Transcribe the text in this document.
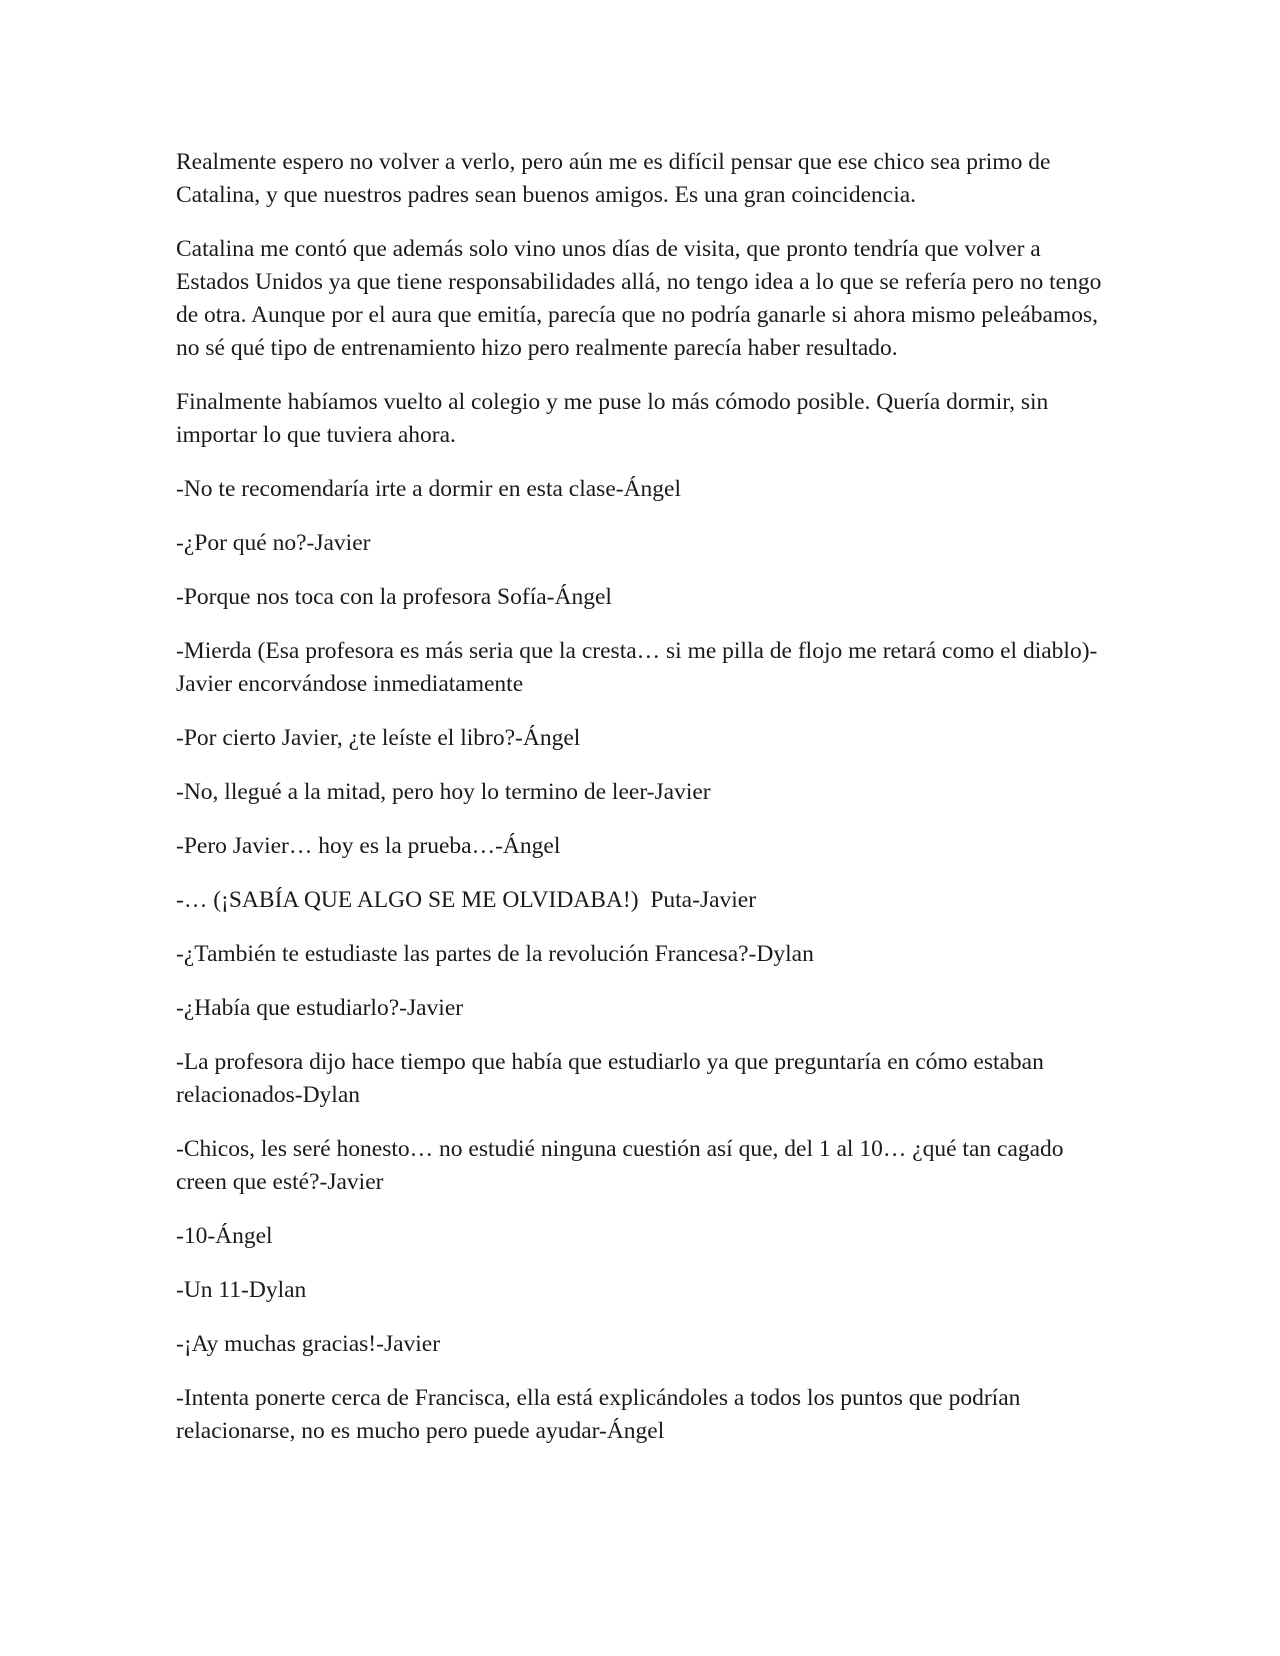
Realmente espero no volver a verlo, pero aún me es difícil pensar que ese chico sea primo de Catalina, y que nuestros padres sean buenos amigos. Es una gran coincidencia.

Catalina me contó que además solo vino unos días de visita, que pronto tendría que volver a Estados Unidos ya que tiene responsabilidades allá, no tengo idea a lo que se refería pero no tengo de otra. Aunque por el aura que emitía, parecía que no podría ganarle si ahora mismo peleábamos, no sé qué tipo de entrenamiento hizo pero realmente parecía haber resultado.

Finalmente habíamos vuelto al colegio y me puse lo más cómodo posible. Quería dormir, sin importar lo que tuviera ahora.

-No te recomendaría irte a dormir en esta clase-Ángel

-¿Por qué no?-Javier

-Porque nos toca con la profesora Sofía-Ángel

-Mierda (Esa profesora es más seria que la cresta… si me pilla de flojo me retará como el diablo)-Javier encorvándose inmediatamente

-Por cierto Javier, ¿te leíste el libro?-Ángel

-No, llegué a la mitad, pero hoy lo termino de leer-Javier

-Pero Javier… hoy es la prueba…-Ángel

-… (¡SABÍA QUE ALGO SE ME OLVIDABA!)  Puta-Javier

-¿También te estudiaste las partes de la revolución Francesa?-Dylan

-¿Había que estudiarlo?-Javier

-La profesora dijo hace tiempo que había que estudiarlo ya que preguntaría en cómo estaban relacionados-Dylan

-Chicos, les seré honesto… no estudié ninguna cuestión así que, del 1 al 10… ¿qué tan cagado creen que esté?-Javier

-10-Ángel

-Un 11-Dylan

-¡Ay muchas gracias!-Javier

-Intenta ponerte cerca de Francisca, ella está explicándoles a todos los puntos que podrían relacionarse, no es mucho pero puede ayudar-Ángel
